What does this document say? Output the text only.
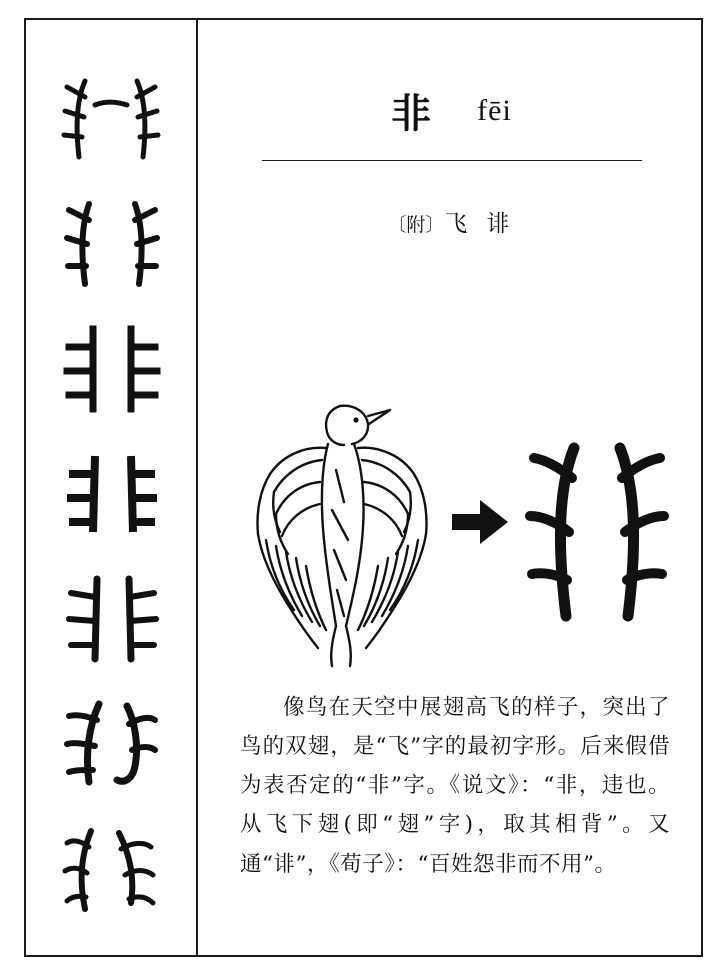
非 fēi
〔附〕飞 诽
像鸟在天空中展翅高飞的样子，突出了鸟的双翅，是“飞”字的最初字形。后来假借为表否定的“非”字。《说文》：“非，违也。从飞下翅(即“翅”字)，取其相背”。又通“诽”，《荀子》：“百姓怨非而不用”。
